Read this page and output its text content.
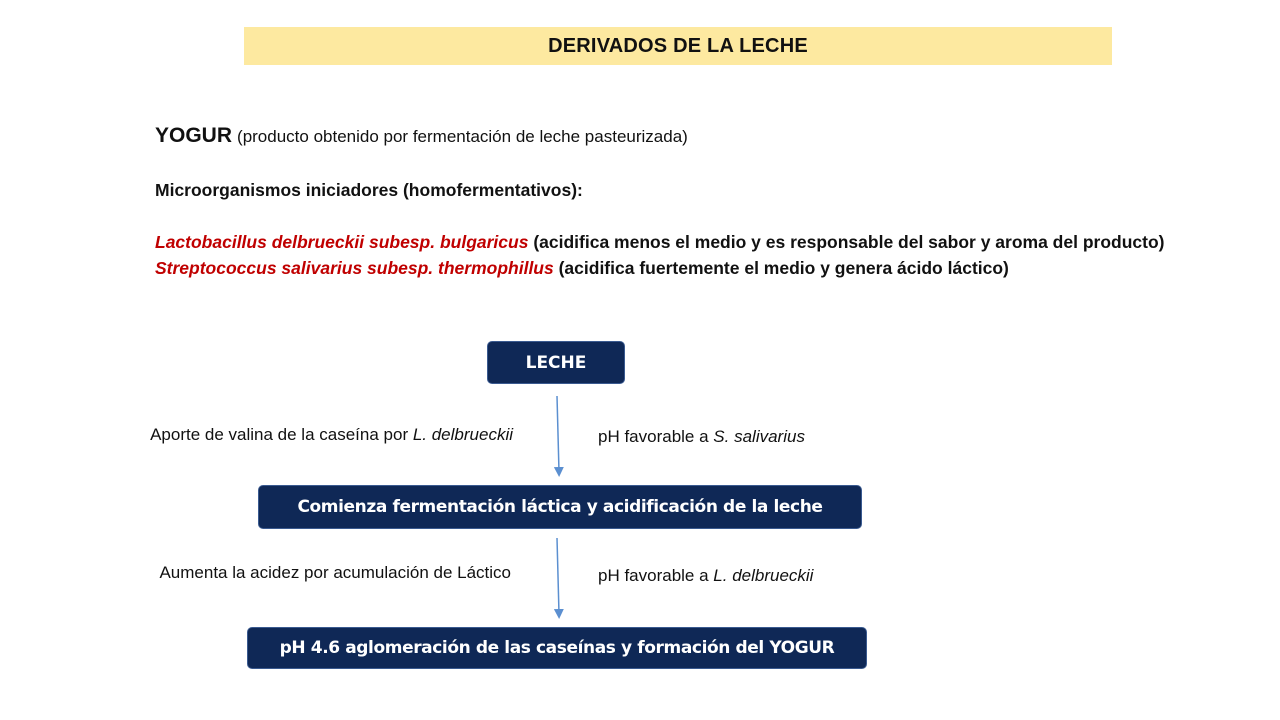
DERIVADOS DE LA LECHE
YOGUR (producto obtenido por fermentación de leche pasteurizada)
Microorganismos iniciadores (homofermentativos):
Lactobacillus delbrueckii subesp. bulgaricus (acidifica menos el medio y es responsable del sabor y aroma del producto)
Streptococcus salivarius subesp. thermophillus (acidifica fuertemente el medio y genera ácido láctico)
LECHE
Aporte de valina de la caseína por L. delbrueckii	pH favorable a S. salivarius
Comienza fermentación láctica y acidificación de la leche
Aumenta la acidez por acumulación de Láctico	pH favorable a L. delbrueckii
pH 4.6 aglomeración de las caseínas y formación del YOGUR
